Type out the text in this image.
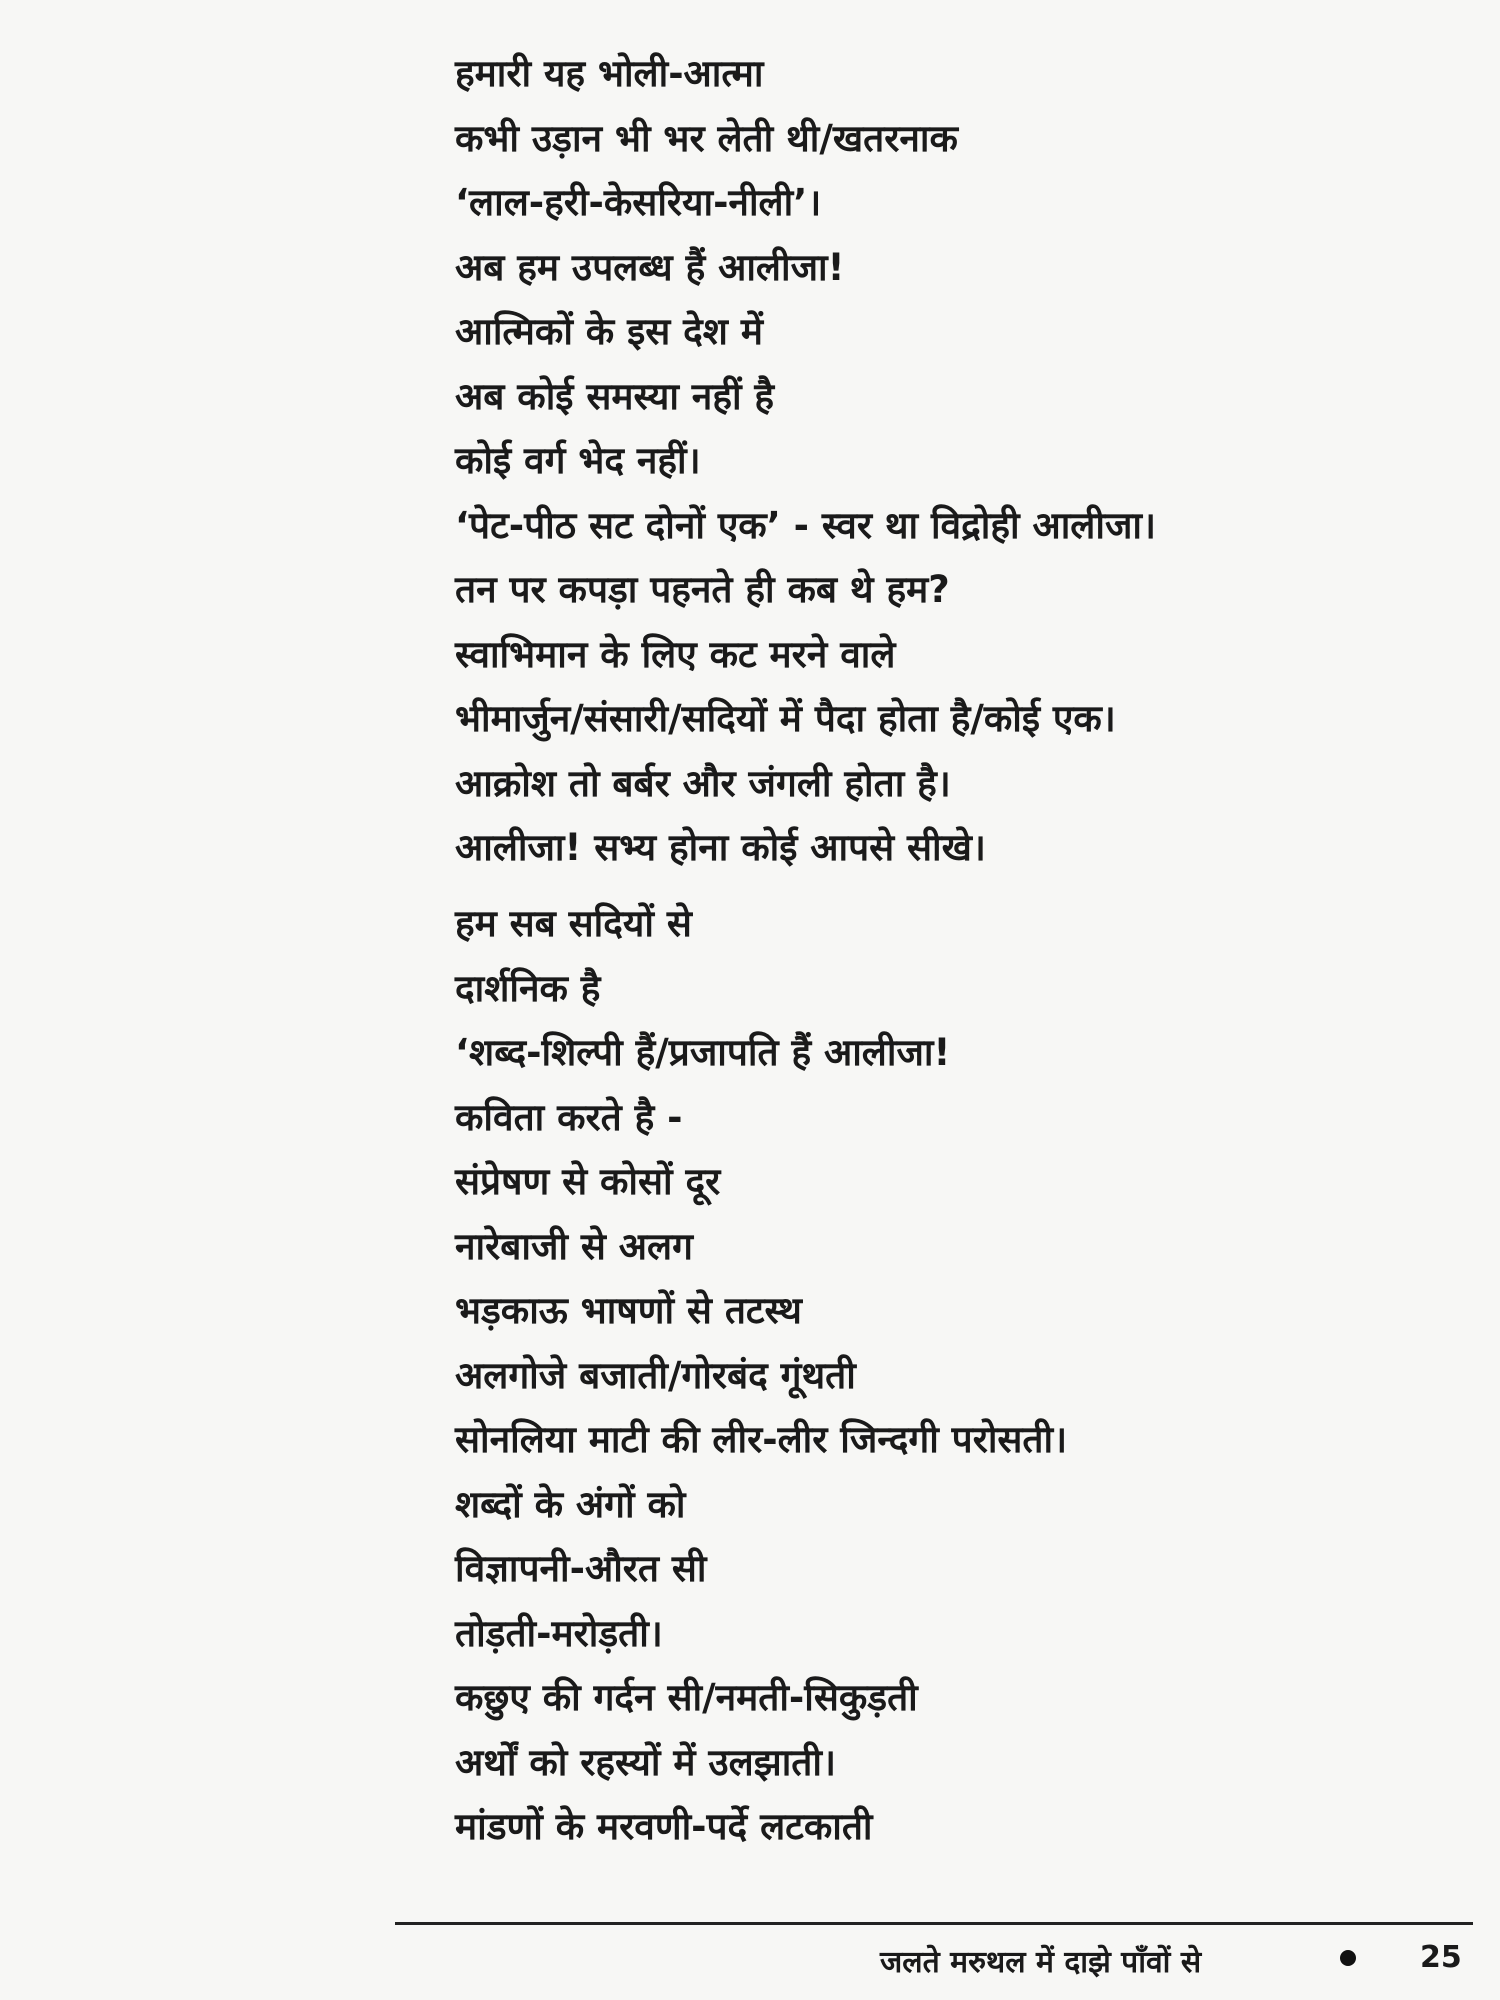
हमारी यह भोली-आत्मा
कभी उड़ान भी भर लेती थी/खतरनाक
‘लाल-हरी-केसरिया-नीली’।
अब हम उपलब्ध हैं आलीजा!
आत्मिकों के इस देश में
अब कोई समस्या नहीं है
कोई वर्ग भेद नहीं।
‘पेट-पीठ सट दोनों एक’ - स्वर था विद्रोही आलीजा।
तन पर कपड़ा पहनते ही कब थे हम?
स्वाभिमान के लिए कट मरने वाले
भीमार्जुन/संसारी/सदियों में पैदा होता है/कोई एक।
आक्रोश तो बर्बर और जंगली होता है।
आलीजा! सभ्य होना कोई आपसे सीखे।
हम सब सदियों से
दार्शनिक है
‘शब्द-शिल्पी हैं/प्रजापति हैं आलीजा!
कविता करते है -
संप्रेषण से कोसों दूर
नारेबाजी से अलग
भड़काऊ भाषणों से तटस्थ
अलगोजे बजाती/गोरबंद गूंथती
सोनलिया माटी की लीर-लीर जिन्दगी परोसती।
शब्दों के अंगों को
विज्ञापनी-औरत सी
तोड़ती-मरोड़ती।
कछुए की गर्दन सी/नमती-सिकुड़ती
अर्थों को रहस्यों में उलझाती।
मांडणों के मरवणी-पर्दे लटकाती
जलते मरुथल में दाझे पाँवों से	25
